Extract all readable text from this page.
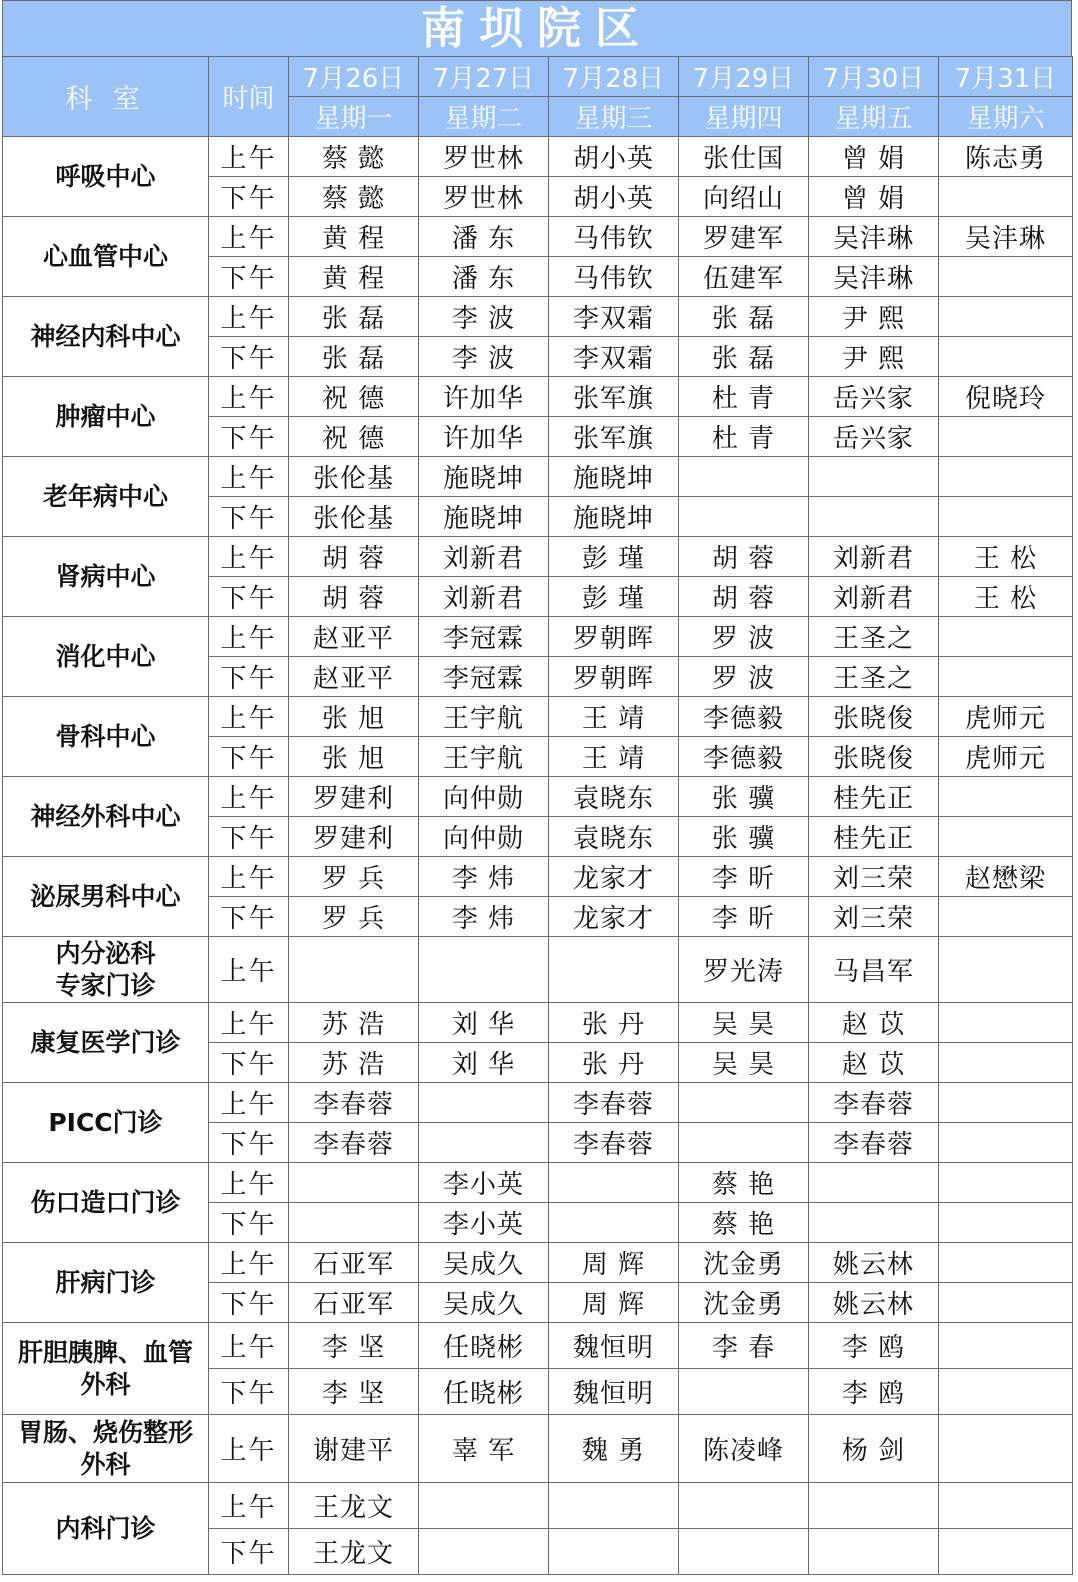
南坝院区
科 室	时间	7月26日	7月27日	7月28日	7月29日	7月30日	7月31日
		星期一	星期二	星期三	星期四	星期五	星期六
呼吸中心	上午	蔡 懿	罗世林	胡小英	张仕国	曾 娟	陈志勇
	下午	蔡 懿	罗世林	胡小英	向绍山	曾 娟	
心血管中心	上午	黄 程	潘 东	马伟钦	罗建军	吴沣琳	吴沣琳
	下午	黄 程	潘 东	马伟钦	伍建军	吴沣琳	
神经内科中心	上午	张 磊	李 波	李双霜	张 磊	尹 熙	
	下午	张 磊	李 波	李双霜	张 磊	尹 熙	
肿瘤中心	上午	祝 德	许加华	张军旗	杜 青	岳兴家	倪晓玲
	下午	祝 德	许加华	张军旗	杜 青	岳兴家	
老年病中心	上午	张伦基	施晓坤	施晓坤			
	下午	张伦基	施晓坤	施晓坤			
肾病中心	上午	胡 蓉	刘新君	彭 瑾	胡 蓉	刘新君	王 松
	下午	胡 蓉	刘新君	彭 瑾	胡 蓉	刘新君	王 松
消化中心	上午	赵亚平	李冠霖	罗朝晖	罗 波	王圣之	
	下午	赵亚平	李冠霖	罗朝晖	罗 波	王圣之	
骨科中心	上午	张 旭	王宇航	王 靖	李德毅	张晓俊	虎师元
	下午	张 旭	王宇航	王 靖	李德毅	张晓俊	虎师元
神经外科中心	上午	罗建利	向仲勋	袁晓东	张 骥	桂先正	
	下午	罗建利	向仲勋	袁晓东	张 骥	桂先正	
泌尿男科中心	上午	罗 兵	李 炜	龙家才	李 昕	刘三荣	赵懋梁
	下午	罗 兵	李 炜	龙家才	李 昕	刘三荣	
内分泌科
专家门诊	上午				罗光涛	马昌军	
康复医学门诊	上午	苏 浩	刘 华	张 丹	吴 昊	赵 苡	
	下午	苏 浩	刘 华	张 丹	吴 昊	赵 苡	
PICC门诊	上午	李春蓉		李春蓉		李春蓉	
	下午	李春蓉		李春蓉		李春蓉	
伤口造口门诊	上午		李小英		蔡 艳		
	下午		李小英		蔡 艳		
肝病门诊	上午	石亚军	吴成久	周 辉	沈金勇	姚云林	
	下午	石亚军	吴成久	周 辉	沈金勇	姚云林	
肝胆胰脾、血管
外科	上午	李 坚	任晓彬	魏恒明	李 春	李 鸥	
	下午	李 坚	任晓彬	魏恒明		李 鸥	
胃肠、烧伤整形
外科	上午	谢建平	辜 军	魏 勇	陈凌峰	杨 剑	
内科门诊	上午	王龙文					
	下午	王龙文					
